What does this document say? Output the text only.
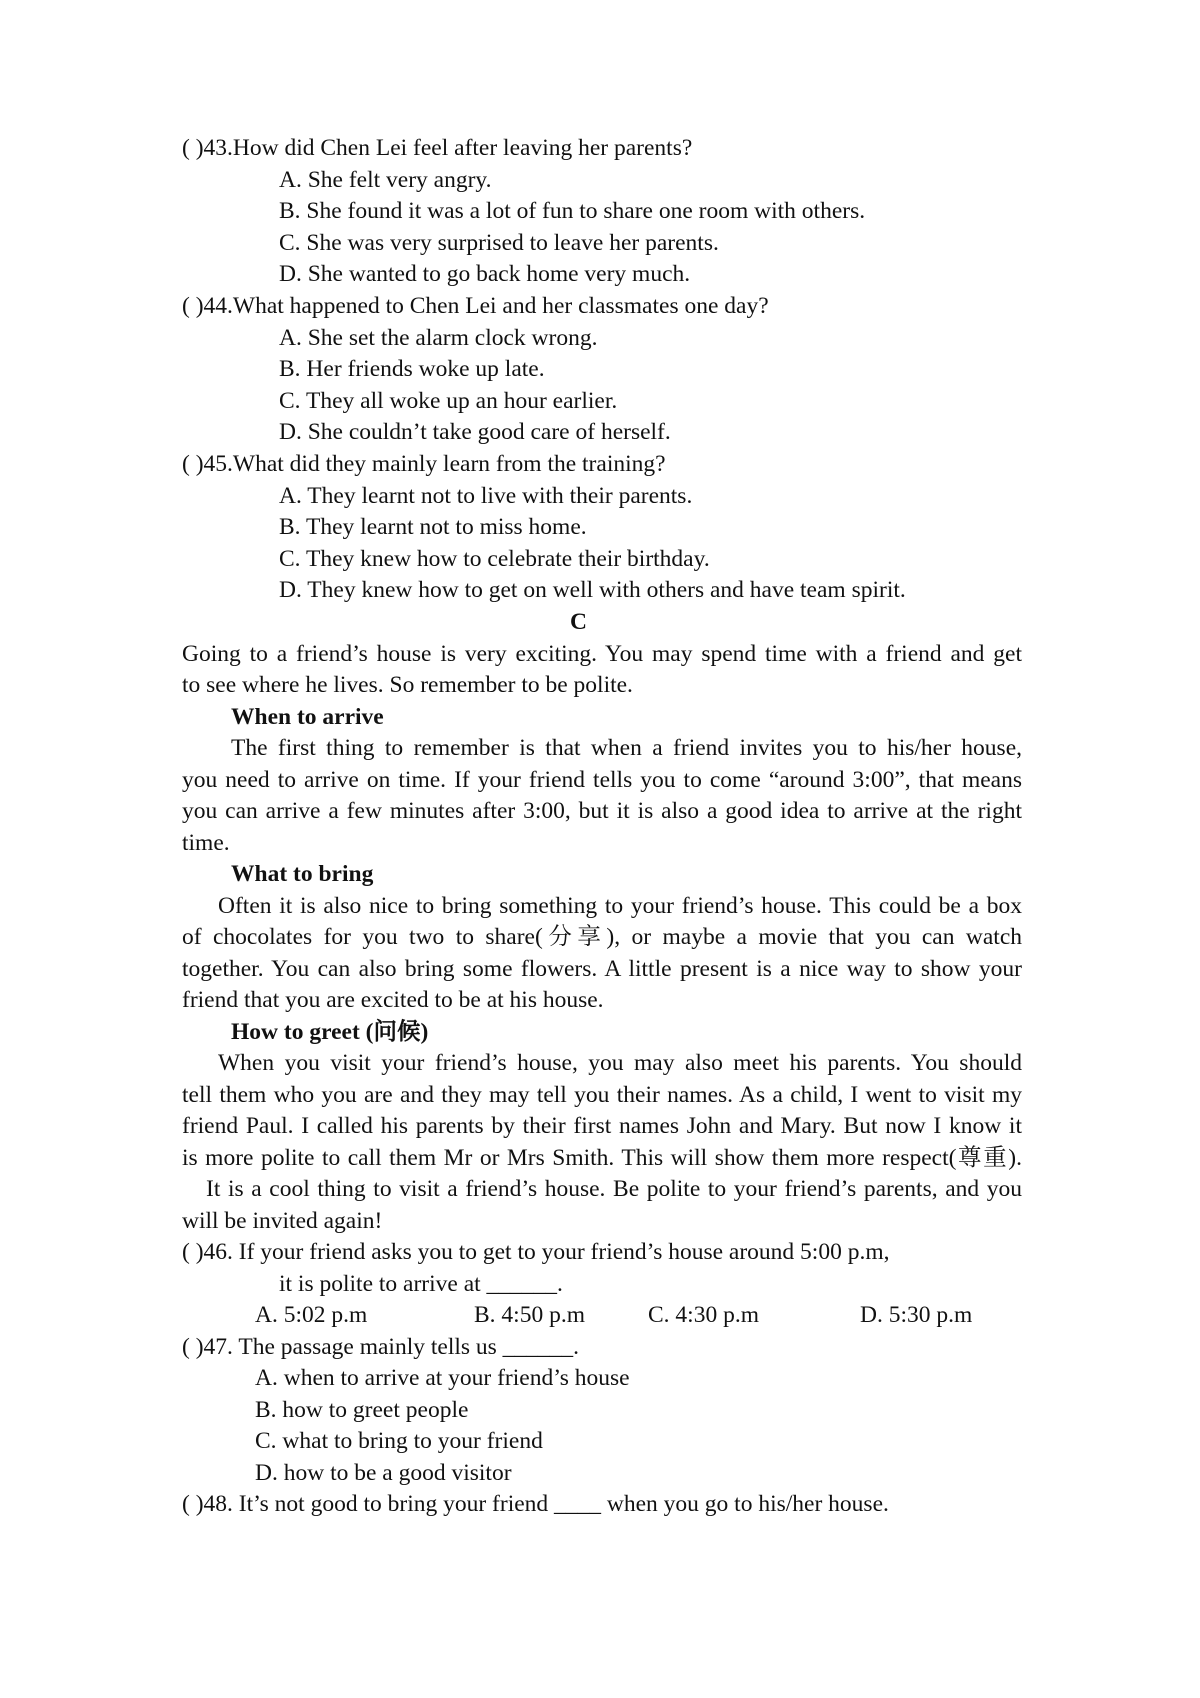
( )43.How did Chen Lei feel after leaving her parents?
A. She felt very angry.
B. She found it was a lot of fun to share one room with others.
C. She was very surprised to leave her parents.
D. She wanted to go back home very much.
( )44.What happened to Chen Lei and her classmates one day?
A. She set the alarm clock wrong.
B. Her friends woke up late.
C. They all woke up an hour earlier.
D. She couldn’t take good care of herself.
( )45.What did they mainly learn from the training?
A. They learnt not to live with their parents.
B. They learnt not to miss home.
C. They knew how to celebrate their birthday.
D. They knew how to get on well with others and have team spirit.
C
Going to a friend’s house is very exciting. You may spend time with a friend and get
to see where he lives. So remember to be polite.
When to arrive
The first thing to remember is that when a friend invites you to his/her house,
you need to arrive on time. If your friend tells you to come “around 3:00”, that means
you can arrive a few minutes after 3:00, but it is also a good idea to arrive at the right
time.
What to bring
Often it is also nice to bring something to your friend’s house. This could be a box
of chocolates for you two to share(分享), or maybe a movie that you can watch
together. You can also bring some flowers. A little present is a nice way to show your
friend that you are excited to be at his house.
How to greet (问候)
When you visit your friend’s house, you may also meet his parents. You should
tell them who you are and they may tell you their names. As a child, I went to visit my
friend Paul. I called his parents by their first names John and Mary. But now I know it
is more polite to call them Mr or Mrs Smith. This will show them more respect(尊重).
It is a cool thing to visit a friend’s house. Be polite to your friend’s parents, and you
will be invited again!
( )46. If your friend asks you to get to your friend’s house around 5:00 p.m,
it is polite to arrive at ______.
A. 5:02 p.m	B. 4:50 p.m	C. 4:30 p.m	D. 5:30 p.m
( )47. The passage mainly tells us ______.
A. when to arrive at your friend’s house
B. how to greet people
C. what to bring to your friend
D. how to be a good visitor
( )48. It’s not good to bring your friend ____ when you go to his/her house.
